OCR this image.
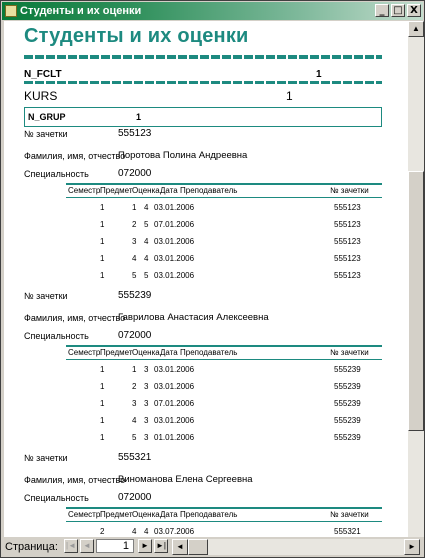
Студенты и их оценки	_ □ X
Студенты и их оценки
N_FCLT	1
KURS	1
N_GRUP	1
№ зачетки	555123
Фамилия, имя, отчество
Поротова Полина Андреевна
Специальность	072000
Семестр Предмет Оценка Дата Преподаватель	№ зачетки
1	1 4 03.01.2006	555123
1	2 5 07.01.2006	555123
1	3 4 03.01.2006	555123
1	4 4 03.01.2006	555123
1	5 5 03.01.2006	555123
№ зачетки	555239
Фамилия, имя, отчество
Гаврилова Анастасия Алексеевна
Специальность	072000
Семестр Предмет Оценка Дата Преподаватель	№ зачетки
1	1 3 03.01.2006	555239
1	2 3 03.01.2006	555239
1	3 3 07.01.2006	555239
1	4 3 03.01.2006	555239
1	5 3 01.01.2006	555239
№ зачетки	555321
Фамилия, имя, отчество
Виноманова Елена Сергеевна
Специальность	072000
Семестр Предмет Оценка Дата Преподаватель	№ зачетки
2	4 4 03.07.2006	555321
▲
Страница: |◄ ◄	1	► ►|	◄	►
